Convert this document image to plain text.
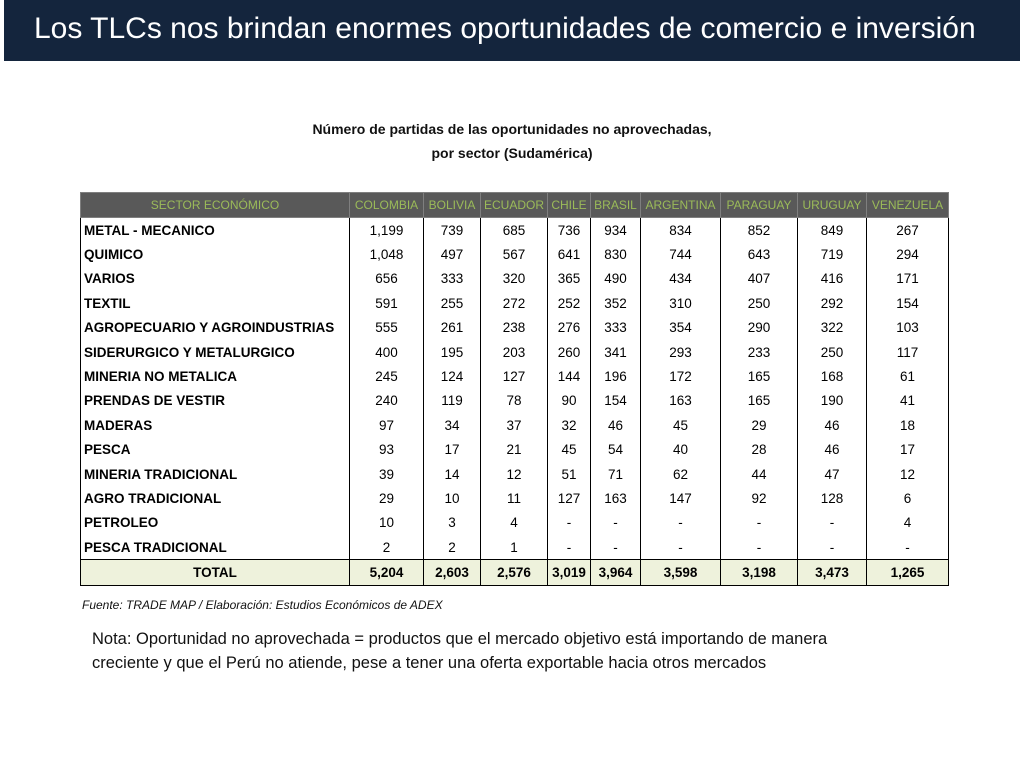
Los TLCs nos brindan enormes oportunidades de comercio e inversión
Número de partidas de las oportunidades no aprovechadas,
por sector (Sudamérica)
SECTOR ECONÓMICO	COLOMBIA	BOLIVIA	ECUADOR	CHILE	BRASIL	ARGENTINA	PARAGUAY	URUGUAY	VENEZUELA
METAL - MECANICO	1,199	739	685	736	934	834	852	849	267
QUIMICO	1,048	497	567	641	830	744	643	719	294
VARIOS	656	333	320	365	490	434	407	416	171
TEXTIL	591	255	272	252	352	310	250	292	154
AGROPECUARIO Y AGROINDUSTRIAS	555	261	238	276	333	354	290	322	103
SIDERURGICO Y METALURGICO	400	195	203	260	341	293	233	250	117
MINERIA NO METALICA	245	124	127	144	196	172	165	168	61
PRENDAS DE VESTIR	240	119	78	90	154	163	165	190	41
MADERAS	97	34	37	32	46	45	29	46	18
PESCA	93	17	21	45	54	40	28	46	17
MINERIA TRADICIONAL	39	14	12	51	71	62	44	47	12
AGRO TRADICIONAL	29	10	11	127	163	147	92	128	6
PETROLEO	10	3	4	-	-	-	-	-	4
PESCA TRADICIONAL	2	2	1	-	-	-	-	-	-
TOTAL	5,204	2,603	2,576	3,019	3,964	3,598	3,198	3,473	1,265
Fuente: TRADE MAP / Elaboración: Estudios Económicos de ADEX
Nota: Oportunidad no aprovechada = productos que el mercado objetivo está importando de manera creciente y que el Perú no atiende, pese a tener una oferta exportable hacia otros mercados
